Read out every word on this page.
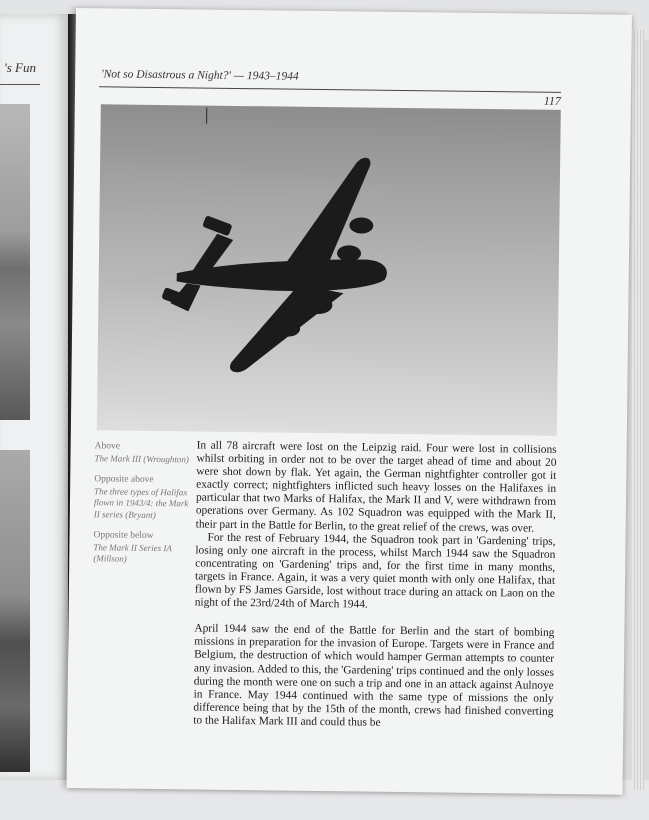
's Fun
'Not so Disastrous a Night?' — 1943–1944
117
Above
The Mark III (Wroughton)
Opposite above
The three types of Halifax flown in 1943/4: the Mark II series (Bryant)
Opposite below
The Mark II Series IA (Millson)

In all 78 aircraft were lost on the Leipzig raid. Four were lost in collisions whilst orbiting in order not to be over the target ahead of time and about 20 were shot down by flak. Yet again, the German nightfighter controller got it exactly correct; nightfighters inflicted such heavy losses on the Halifaxes in particular that two Marks of Halifax, the Mark II and V, were withdrawn from operations over Germany. As 102 Squadron was equipped with the Mark II, their part in the Battle for Berlin, to the great relief of the crews, was over.

For the rest of February 1944, the Squadron took part in 'Gardening' trips, losing only one aircraft in the process, whilst March 1944 saw the Squadron concentrating on 'Gardening' trips and, for the first time in many months, targets in France. Again, it was a very quiet month with only one Halifax, that flown by FS James Garside, lost without trace during an attack on Laon on the night of the 23rd/24th of March 1944.

April 1944 saw the end of the Battle for Berlin and the start of bombing missions in preparation for the invasion of Europe. Targets were in France and Belgium, the destruction of which would hamper German attempts to counter any invasion. Added to this, the 'Gardening' trips continued and the only losses during the month were one on such a trip and one in an attack against Aulnoye in France. May 1944 continued with the same type of missions the only difference being that by the 15th of the month, crews had finished converting to the Halifax Mark III and could thus be
